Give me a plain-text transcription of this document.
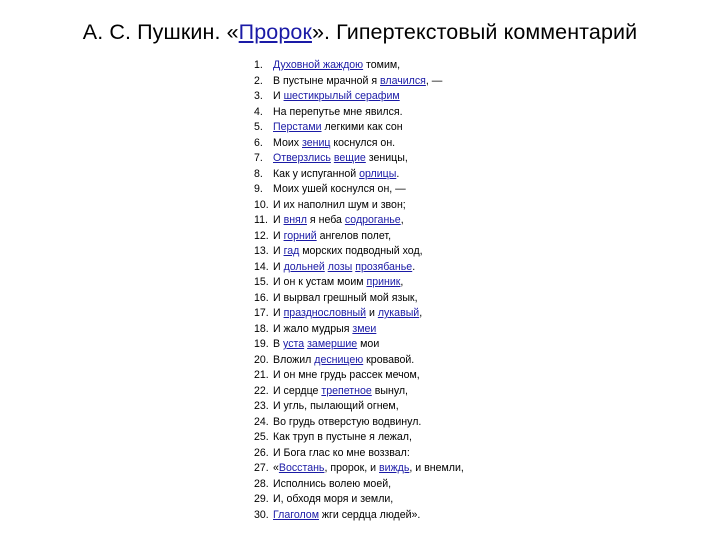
А. С. Пушкин. «Пророк». Гипертекстовый комментарий
1. Духовной жаждою томим,
2. В пустыне мрачной я влачился, —
3. И шестикрылый серафим
4. На перепутье мне явился.
5. Перстами легкими как сон
6. Моих зениц коснулся он.
7. Отверзлись вещие зеницы,
8. Как у испуганной орлицы.
9. Моих ушей коснулся он, —
10. И их наполнил шум и звон;
11. И внял я неба содроганье,
12. И горний ангелов полет,
13. И гад морских подводный ход,
14. И дольней лозы прозябанье.
15. И он к устам моим приник,
16. И вырвал грешный мой язык,
17. И празднословный и лукавый,
18. И жало мудрыя змеи
19. В уста замершие мои
20. Вложил десницею кровавой.
21. И он мне грудь рассек мечом,
22. И сердце трепетное вынул,
23. И угль, пылающий огнем,
24. Во грудь отверстую водвинул.
25. Как труп в пустыне я лежал,
26. И Бога глас ко мне воззвал:
27. «Восстань, пророк, и виждь, и внемли,
28. Исполнись волею моей,
29. И, обходя моря и земли,
30. Глаголом жги сердца людей».
